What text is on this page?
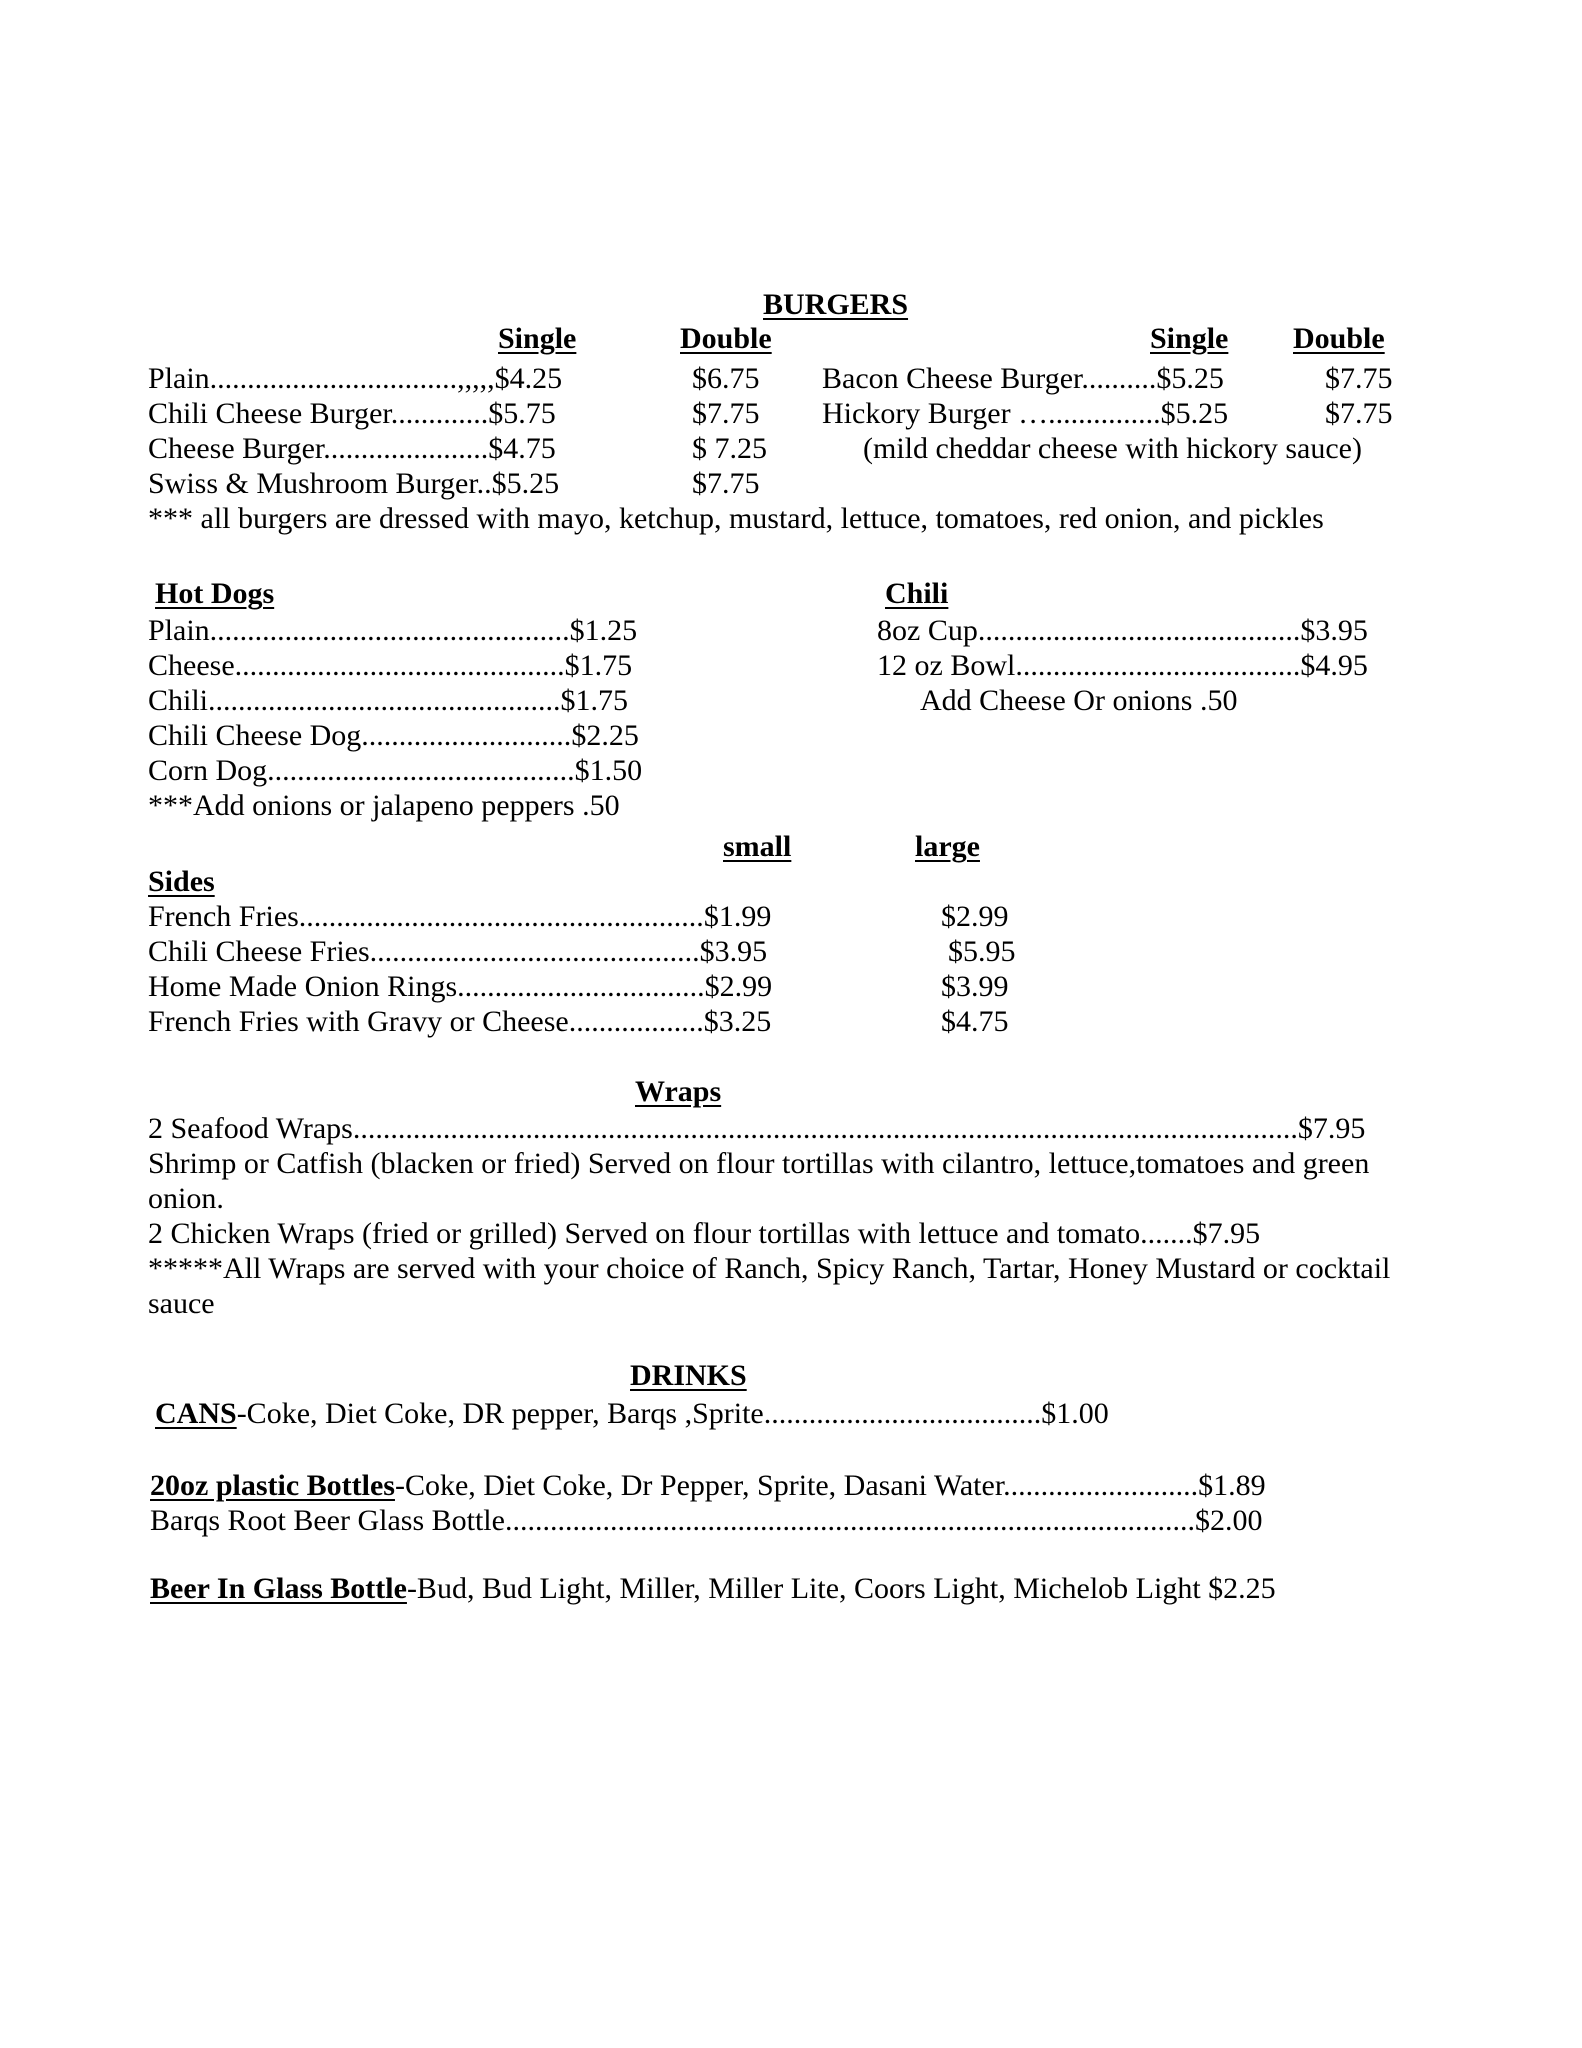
BURGERS
Single	Double	Single Double
Plain.................................,,,,,$4.25	$6.75
Chili Cheese Burger.............$5.75	$7.75
Cheese Burger......................$4.75	$ 7.25
Swiss & Mushroom Burger..$5.25	$7.75
Bacon Cheese Burger..........$5.25	$7.75
Hickory Burger …...............$5.25	$7.75
(mild cheddar cheese with hickory sauce)
*** all burgers are dressed with mayo, ketchup, mustard, lettuce, tomatoes, red onion, and pickles
Hot Dogs
Plain................................................$1.25
Cheese............................................$1.75
Chili...............................................$1.75
Chili Cheese Dog............................$2.25
Corn Dog.........................................$1.50
***Add onions or jalapeno peppers .50
Chili
8oz Cup...........................................$3.95
12 oz Bowl......................................$4.95
Add Cheese Or onions .50
small	large
Sides
French Fries......................................................$1.99	$2.99
Chili Cheese Fries............................................$3.95	$5.95
Home Made Onion Rings.................................$2.99	$3.99
French Fries with Gravy or Cheese..................$3.25	$4.75
Wraps
2 Seafood Wraps..............................................................................................................................$7.95
Shrimp or Catfish (blacken or fried) Served on flour tortillas with cilantro, lettuce,tomatoes and green
onion.
2 Chicken Wraps (fried or grilled) Served on flour tortillas with lettuce and tomato.......$7.95
*****All Wraps are served with your choice of Ranch, Spicy Ranch, Tartar, Honey Mustard or cocktail
sauce
DRINKS
CANS-Coke, Diet Coke, DR pepper, Barqs ,Sprite.....................................$1.00
20oz plastic Bottles-Coke, Diet Coke, Dr Pepper, Sprite, Dasani Water..........................$1.89
Barqs Root Beer Glass Bottle............................................................................................$2.00
Beer In Glass Bottle-Bud, Bud Light, Miller, Miller Lite, Coors Light, Michelob Light $2.25
